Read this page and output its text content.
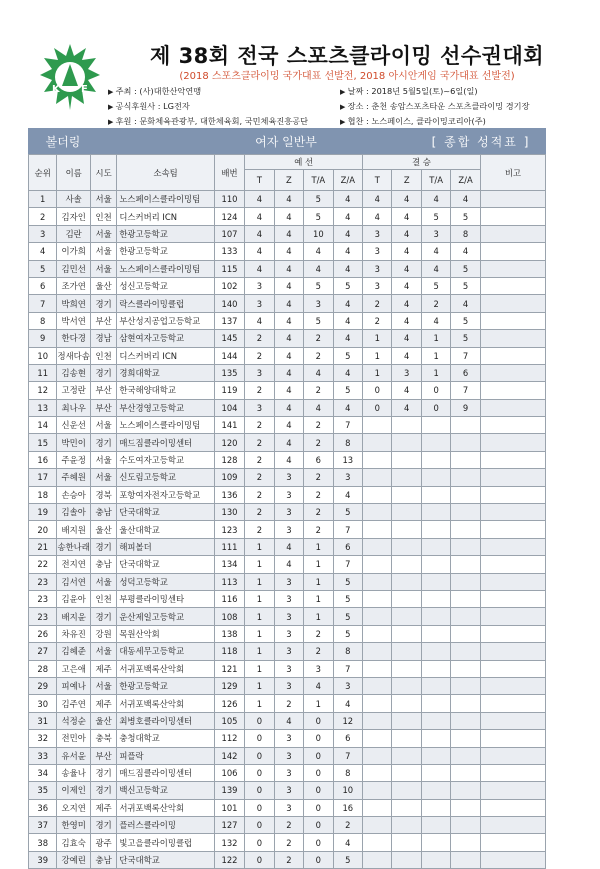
K F
제 38회 전국 스포츠클라이밍 선수권대회
(2018 스포츠클라이밍 국가대표 선발전, 2018 아시안게임 국가대표 선발전)
▶ 주최 : (사)대한산악연맹
▶ 공식후원사 : LG전자
▶ 후원 : 문화체육관광부, 대한체육회, 국민체육진흥공단
▶ 날짜 : 2018년 5월5일(토)~6일(일)
▶ 장소 : 춘천 송암스포츠타운 스포츠클라이밍 경기장
▶ 협찬 : 노스페이스, 클라이밍코리아(주)
볼더링	여자 일반부	[ 종합 성적표 ]
순위	이름	시도	소속팀	배번	예 선				결 승				비고
					T	Z	T/A	Z/A	T	Z	T/A	Z/A	
1	사솔	서울	노스페이스클라이밍팀	110	4	4	5	4	4	4	4	4	
2	김자인	인천	디스커버리 ICN	124	4	4	5	4	4	4	5	5	
3	김란	서울	한광고등학교	107	4	4	10	4	3	4	3	8	
4	이가희	서울	한광고등학교	133	4	4	4	4	3	4	4	4	
5	김민선	서울	노스페이스클라이밍팀	115	4	4	4	4	3	4	4	5	
6	조가연	울산	성신고등학교	102	3	4	5	5	3	4	5	5	
7	박희연	경기	락스클라이밍클럽	140	3	4	3	4	2	4	2	4	
8	박서연	부산	부산성지공업고등학교	137	4	4	5	4	2	4	4	5	
9	한다경	경남	삼현여자고등학교	145	2	4	2	4	1	4	1	5	
10	정새다솜	인천	디스커버리 ICN	144	2	4	2	5	1	4	1	7	
11	김송현	경기	경희대학교	135	3	4	4	4	1	3	1	6	
12	고정란	부산	한국해양대학교	119	2	4	2	5	0	4	0	7	
13	최나우	부산	부산경영고등학교	104	3	4	4	4	0	4	0	9	
14	신운선	서울	노스페이스클라이밍팀	141	2	4	2	7					
15	박민이	경기	매드짐클라이밍센터	120	2	4	2	8					
16	주윤정	서울	수도여자고등학교	128	2	4	6	13					
17	주혜원	서울	신도림고등학교	109	2	3	2	3					
18	손승아	경북	포항여자전자고등학교	136	2	3	2	4					
19	김솔아	충남	단국대학교	130	2	3	2	5					
20	배지원	울산	울산대학교	123	2	3	2	7					
21	송한나래	경기	해피볼더	111	1	4	1	6					
22	전지연	충남	단국대학교	134	1	4	1	7					
23	김서연	서울	성덕고등학교	113	1	3	1	5					
23	김윤아	인천	부평클라이밍센타	116	1	3	1	5					
23	배지윤	경기	운산제일고등학교	108	1	3	1	5					
26	차유진	강원	목원산악회	138	1	3	2	5					
27	김혜준	서울	대동세무고등학교	118	1	3	2	8					
28	고은애	제주	서귀포백록산악회	121	1	3	3	7					
29	피예나	서울	한광고등학교	129	1	3	4	3					
30	김주연	제주	서귀포백록산악회	126	1	2	1	4					
31	석정순	울산	최병호클라이밍센터	105	0	4	0	12					
32	전민아	충북	충청대학교	112	0	3	0	6					
33	유서윤	부산	피플락	142	0	3	0	7					
34	송율나	경기	매드짐클라이밍센터	106	0	3	0	8					
35	이제인	경기	백신고등학교	139	0	3	0	10					
36	오지연	제주	서귀포백록산악회	101	0	3	0	16					
37	한영미	경기	플러스클라이밍	127	0	2	0	2					
38	김효숙	광주	빛고을클라이밍클럽	132	0	2	0	4					
39	강예린	충남	단국대학교	122	0	2	0	5					
